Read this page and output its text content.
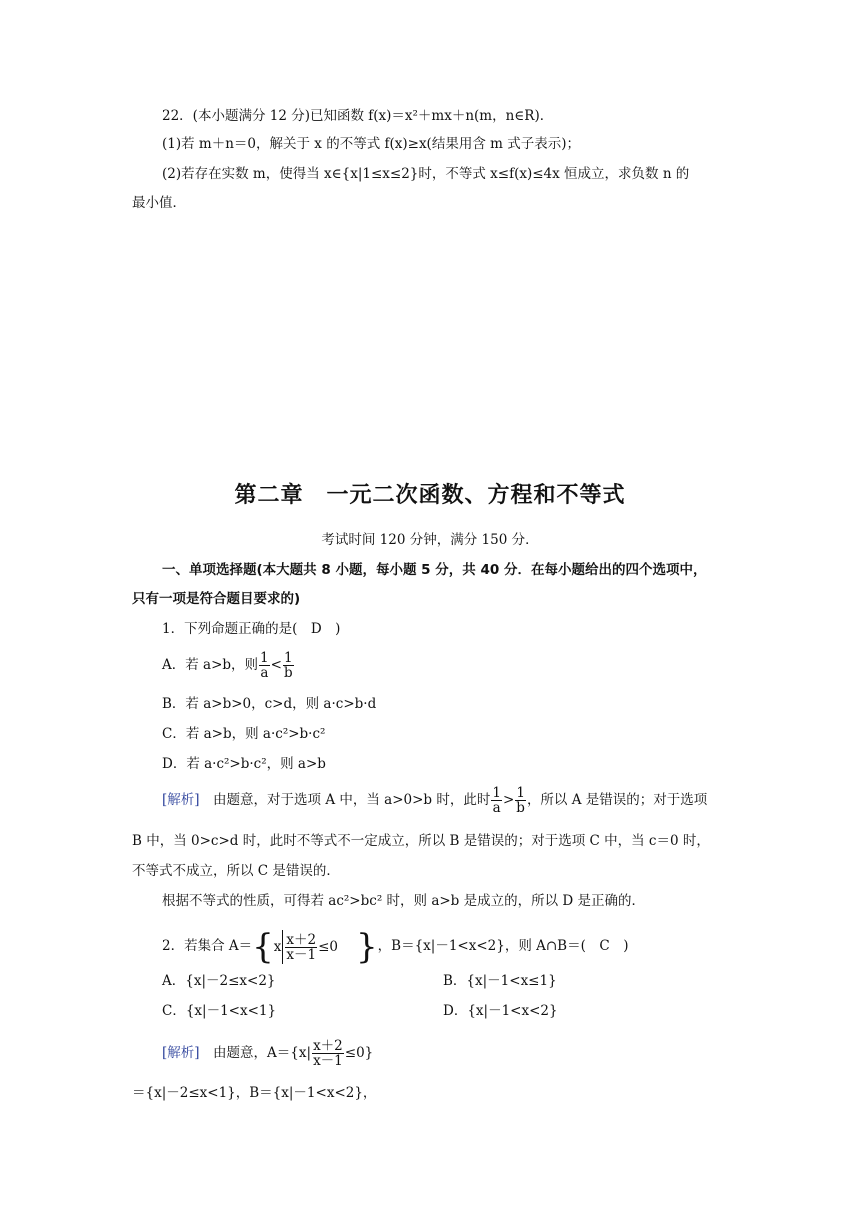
22．(本小题满分 12 分)已知函数 f(x)＝x²＋mx＋n(m，n∈R)．
(1)若 m＋n＝0，解关于 x 的不等式 f(x)≥x(结果用含 m 式子表示)；
(2)若存在实数 m，使得当 x∈{x|1≤x≤2}时，不等式 x≤f(x)≤4x 恒成立，求负数 n 的
最小值．
第二章　一元二次函数、方程和不等式
考试时间 120 分钟，满分 150 分．
一、单项选择题(本大题共 8 小题，每小题 5 分，共 40 分．在每小题给出的四个选项中，
只有一项是符合题目要求的)
1．下列命题正确的是(　D　)
A．若 a>b，则 $\frac{1}{a} < \frac{1}{b}$
B．若 a>b>0，c>d，则 a·c>b·d
C．若 a>b，则 a·c²>b·c²
D．若 a·c²>b·c²，则 a>b
[解析]　由题意，对于选项 A 中，当 a>0>b 时，此时 $\frac{1}{a} > \frac{1}{b}$ ，所以 A 是错误的；对于选项
B 中，当 0>c>d 时，此时不等式不一定成立，所以 B 是错误的；对于选项 C 中，当 c＝0 时，
不等式不成立，所以 C 是错误的．
根据不等式的性质，可得若 ac²>bc² 时，则 a>b 是成立的，所以 D 是正确的．
2．若集合 $A=\{x \frac{x+2}{x-1} \le 0$ }，B＝{x|－1<x<2}，则 A∩B＝(　C　)
A．{x|－2≤x<2}	B．{x|－1<x≤1}
C．{x|－1<x<1}	D．{x|－1<x<2}
[解析]　由题意，$A=\{x| \frac{x+2}{x-1} \le 0\}$
＝{x|－2≤x<1}，B＝{x|－1<x<2}，
